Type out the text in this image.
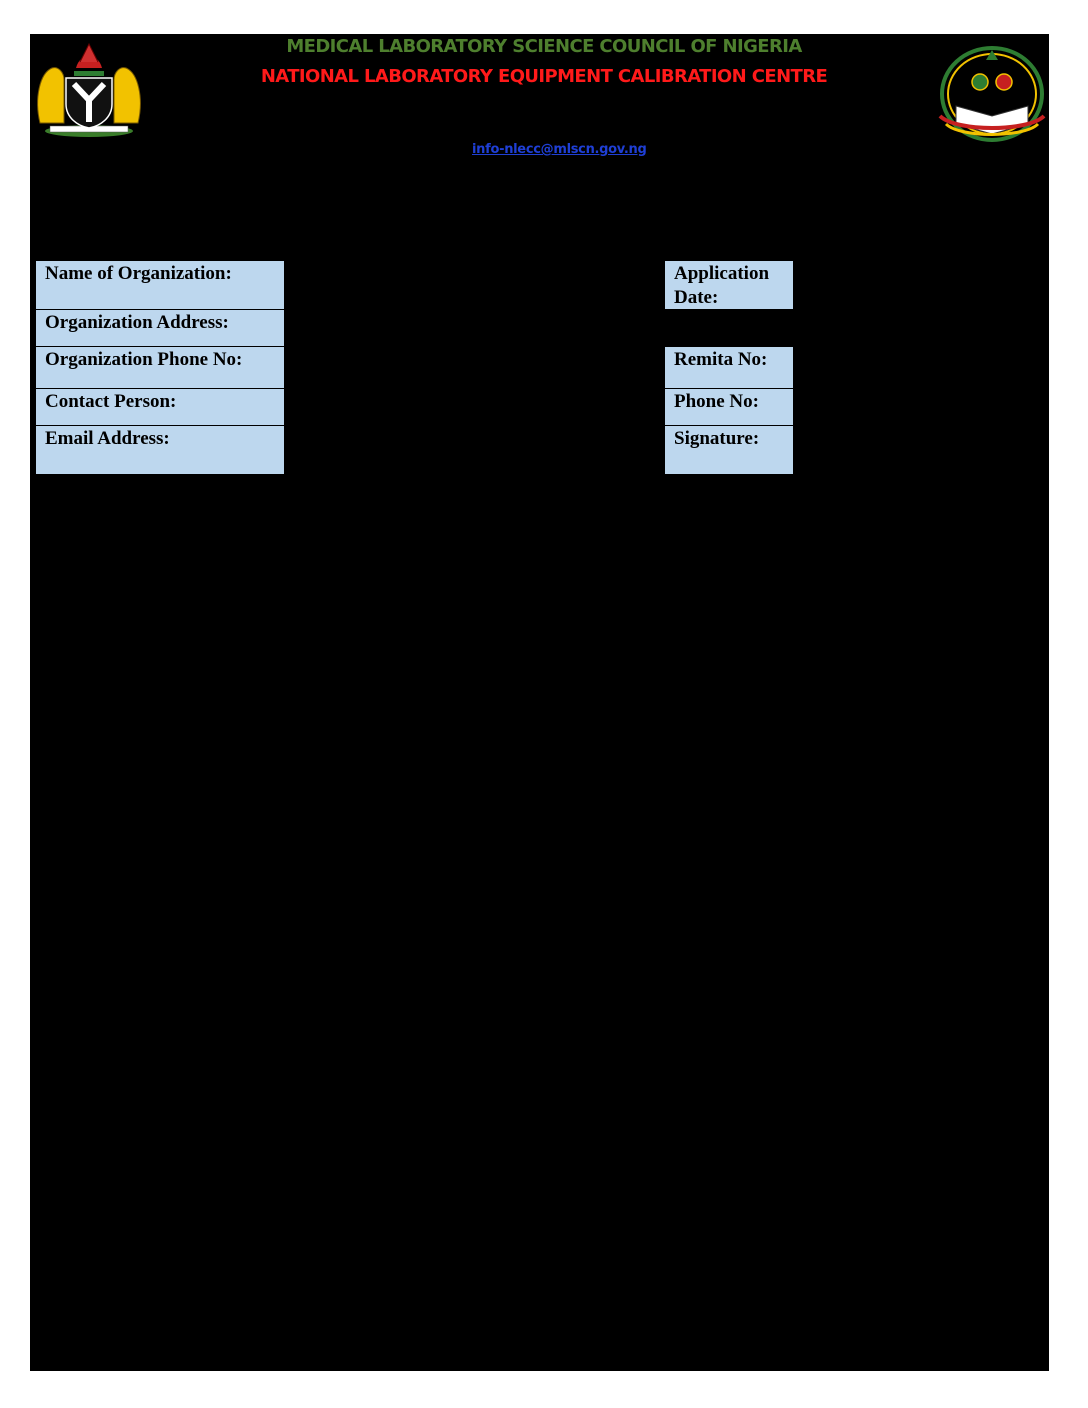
MEDICAL LABORATORY SCIENCE COUNCIL OF NIGERIA
NATIONAL LABORATORY EQUIPMENT CALIBRATION CENTRE
info-nlecc@mlscn.gov.ng
Name of Organization:
Organization Address:
Organization Phone No:
Contact Person:
Email Address:
Application Date:
Remita No:
Phone No:
Signature:
